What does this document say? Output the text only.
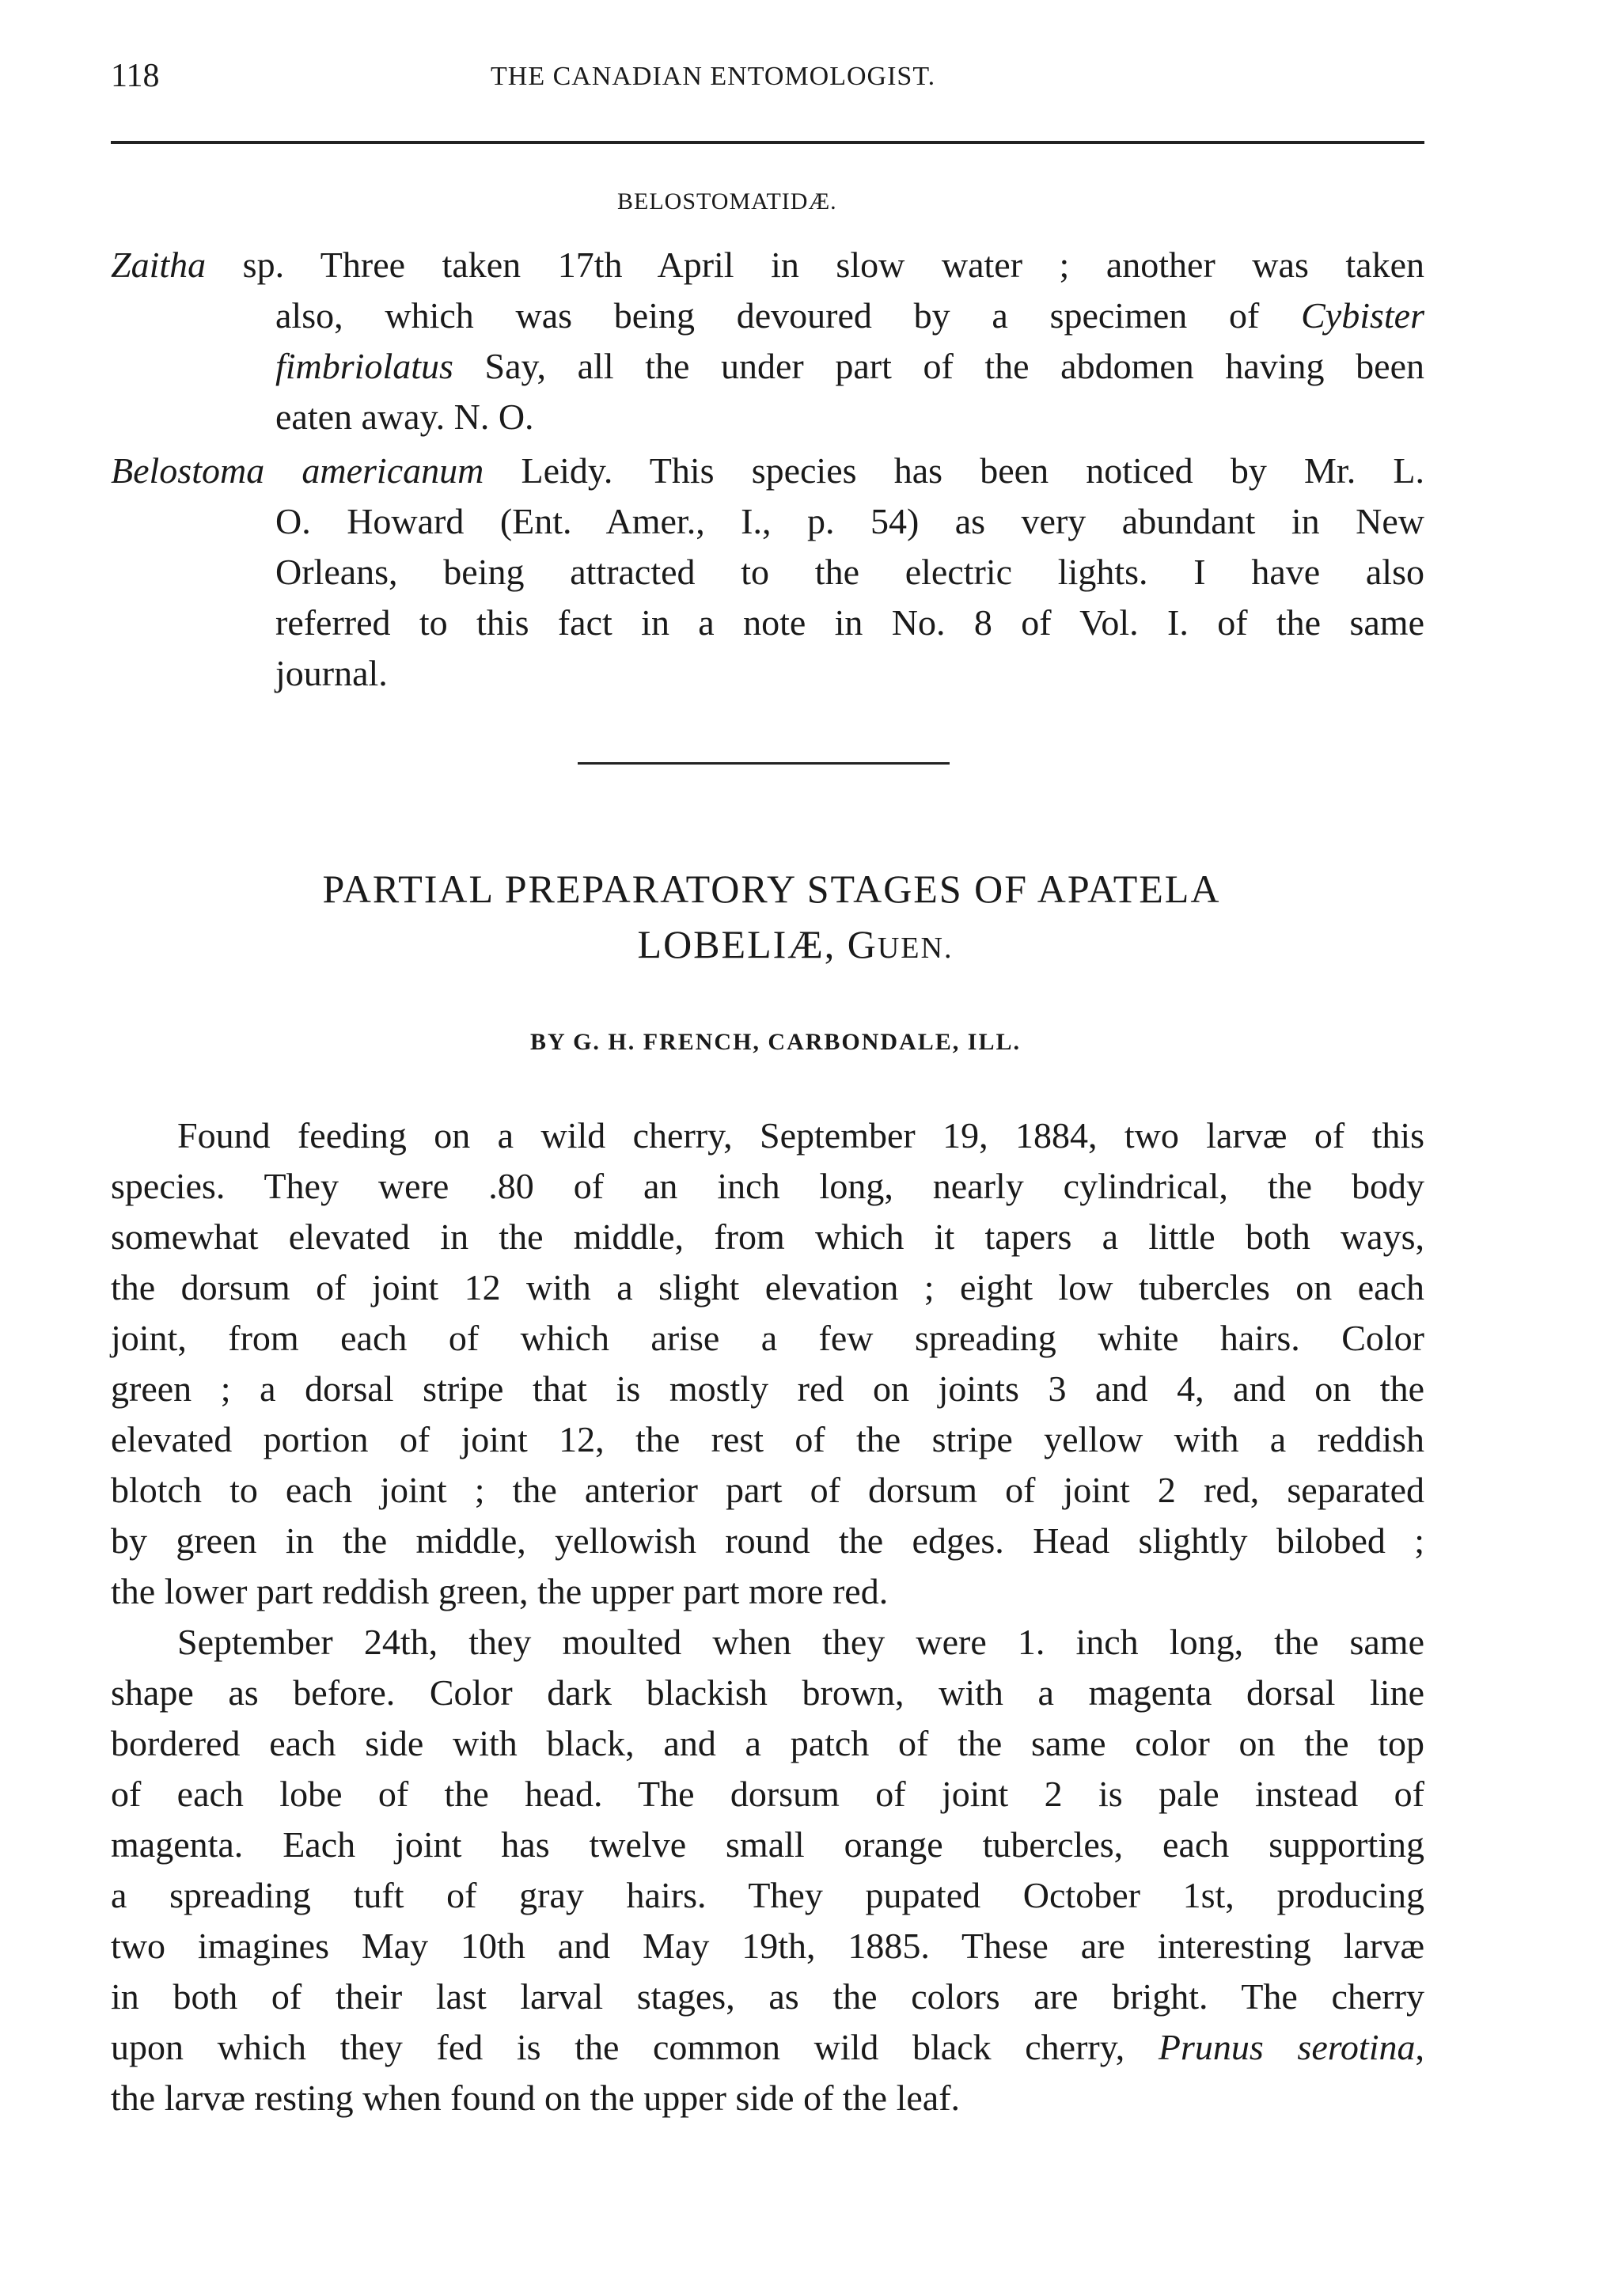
118	THE CANADIAN ENTOMOLOGIST.
BELOSTOMATIDÆ.
Zaitha sp. Three taken 17th April in slow water ; another was taken
also, which was being devoured by a specimen of Cybister
fimbriolatus Say, all the under part of the abdomen having been
eaten away. N. O.
Belostoma americanum Leidy. This species has been noticed by Mr. L.
O. Howard (Ent. Amer., I., p. 54) as very abundant in New
Orleans, being attracted to the electric lights. I have also
referred to this fact in a note in No. 8 of Vol. I. of the same
journal.
PARTIAL PREPARATORY STAGES OF APATELA
LOBELIÆ, GUEN.
BY G. H. FRENCH, CARBONDALE, ILL.
Found feeding on a wild cherry, September 19, 1884, two larvæ of this
species. They were .80 of an inch long, nearly cylindrical, the body
somewhat elevated in the middle, from which it tapers a little both ways,
the dorsum of joint 12 with a slight elevation ; eight low tubercles on each
joint, from each of which arise a few spreading white hairs. Color
green ; a dorsal stripe that is mostly red on joints 3 and 4, and on the
elevated portion of joint 12, the rest of the stripe yellow with a reddish
blotch to each joint ; the anterior part of dorsum of joint 2 red, separated
by green in the middle, yellowish round the edges. Head slightly bilobed ;
the lower part reddish green, the upper part more red.
September 24th, they moulted when they were 1. inch long, the same
shape as before. Color dark blackish brown, with a magenta dorsal line
bordered each side with black, and a patch of the same color on the top
of each lobe of the head. The dorsum of joint 2 is pale instead of
magenta. Each joint has twelve small orange tubercles, each supporting
a spreading tuft of gray hairs. They pupated October 1st, producing
two imagines May 10th and May 19th, 1885. These are interesting larvæ
in both of their last larval stages, as the colors are bright. The cherry
upon which they fed is the common wild black cherry, Prunus serotina,
the larvæ resting when found on the upper side of the leaf.
